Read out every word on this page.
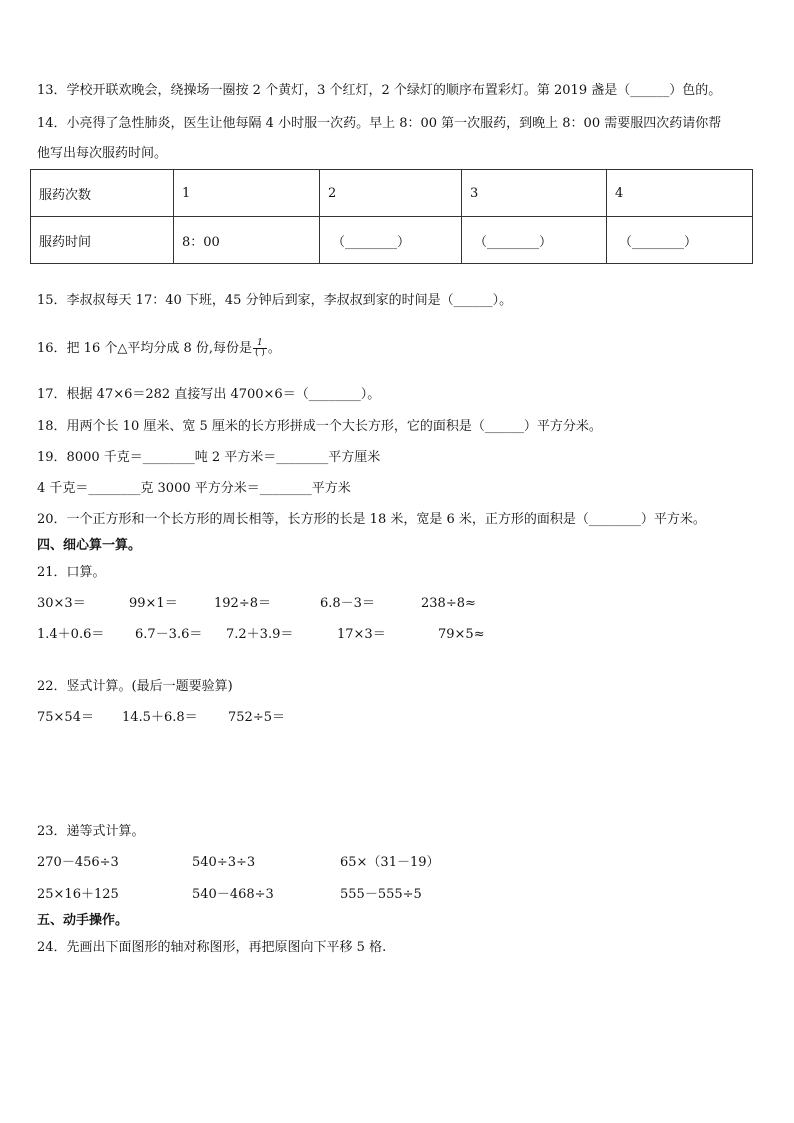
13．学校开联欢晚会，绕操场一圈按 2 个黄灯，3 个红灯，2 个绿灯的顺序布置彩灯。第 2019 盏是（______）色的。
14．小亮得了急性肺炎，医生让他每隔 4 小时服一次药。早上 8：00 第一次服药，到晚上 8：00 需要服四次药请你帮
他写出每次服药时间。
服药次数	1	2	3	4
服药时间	8：00	（________）	（________）	（________）
15．李叔叔每天 17：40 下班，45 分钟后到家，李叔叔到家的时间是（______）。
16．把 16 个△平均分成 8 份,每份是 $\frac{1}{( )}$ 。
17．根据 47×6＝282 直接写出 4700×6＝（________）。
18．用两个长 10 厘米、宽 5 厘米的长方形拼成一个大长方形，它的面积是（______）平方分米。
19．8000 千克＝________吨 2 平方米＝________平方厘米
4 千克＝________克 3000 平方分米＝________平方米
20．一个正方形和一个长方形的周长相等，长方形的长是 18 米，宽是 6 米，正方形的面积是（________）平方米。
四、细心算一算。
21．口算。
30×3＝	99×1＝	192÷8＝	6.8－3＝	238÷8≈
1.4＋0.6＝ 6.7－3.6＝ 7.2＋3.9＝	17×3＝	79×5≈
22．竖式计算。(最后一题要验算)
75×54＝ 14.5＋6.8＝ 752÷5＝
23．递等式计算。
270－456÷3	540÷3÷3	65×（31－19）
25×16＋125	540－468÷3	555－555÷5
五、动手操作。
24．先画出下面图形的轴对称图形，再把原图向下平移 5 格.
